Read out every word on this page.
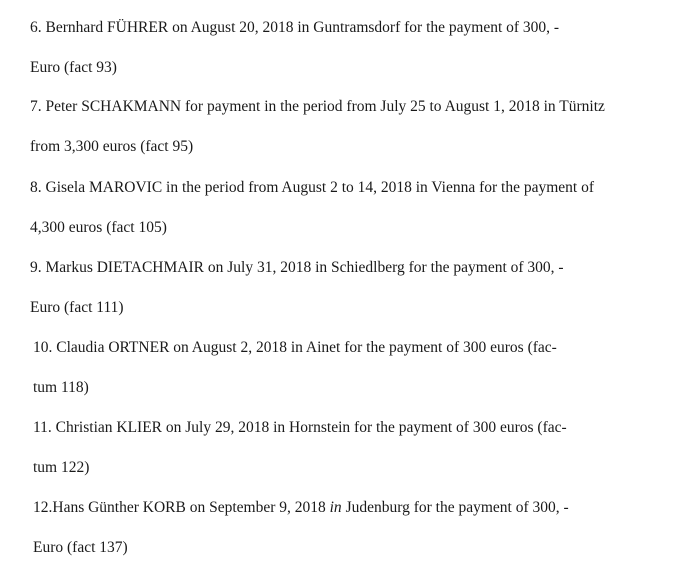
6. Bernhard FÜHRER on August 20, 2018 in Guntramsdorf for the payment of 300, -
Euro (fact 93)
7. Peter SCHAKMANN for payment in the period from July 25 to August 1, 2018 in Türnitz
from 3,300 euros (fact 95)
8. Gisela MAROVIC in the period from August 2 to 14, 2018 in Vienna for the payment of
4,300 euros (fact 105)
9. Markus DIETACHMAIR on July 31, 2018 in Schiedlberg for the payment of 300, -
Euro (fact 111)
10. Claudia ORTNER on August 2, 2018 in Ainet for the payment of 300 euros (fac-
tum 118)
11. Christian KLIER on July 29, 2018 in Hornstein for the payment of 300 euros (fac-
tum 122)
12.Hans Günther KORB on September 9, 2018 in Judenburg for the payment of 300, -
Euro (fact 137)
